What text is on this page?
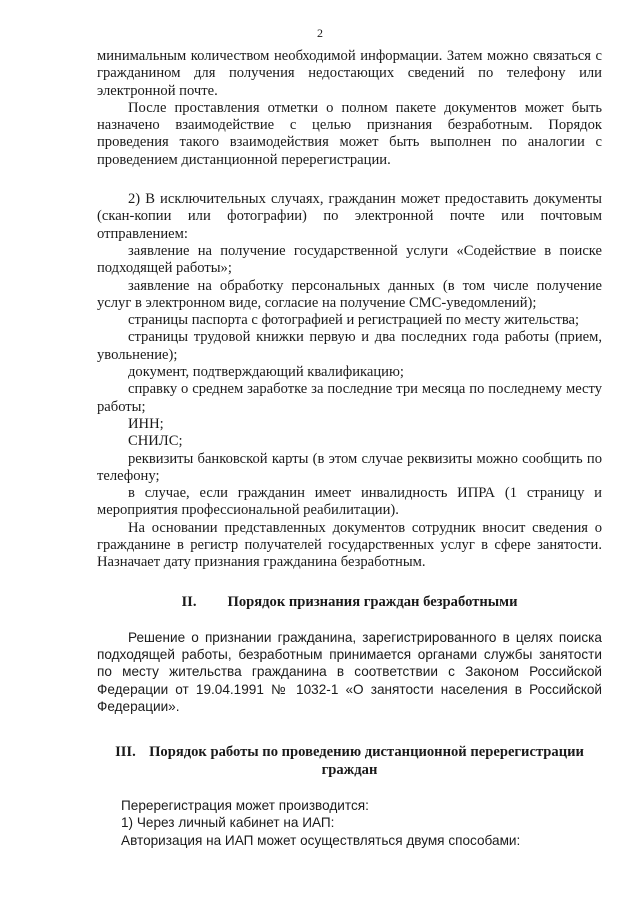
2

минимальным количеством необходимой информации. Затем можно связаться с гражданином для получения недостающих сведений по телефону или электронной почте.

После проставления отметки о полном пакете документов может быть назначено взаимодействие с целью признания безработным. Порядок проведения такого взаимодействия может быть выполнен по аналогии с проведением дистанционной перерегистрации.

2) В исключительных случаях, гражданин может предоставить документы (скан-копии или фотографии) по электронной почте или почтовым отправлением:

заявление на получение государственной услуги «Содействие в поиске подходящей работы»;

заявление на обработку персональных данных (в том числе получение услуг в электронном виде, согласие на получение СМС-уведомлений);

страницы паспорта с фотографией и регистрацией по месту жительства;

страницы трудовой книжки первую и два последних года работы (прием, увольнение);

документ, подтверждающий квалификацию;

справку о среднем заработке за последние три месяца по последнему месту работы;

ИНН;

СНИЛС;

реквизиты банковской карты (в этом случае реквизиты можно сообщить по телефону;

в случае, если гражданин имеет инвалидность ИПРА (1 страницу и мероприятия профессиональной реабилитации).

На основании представленных документов сотрудник вносит сведения о гражданине в регистр получателей государственных услуг в сфере занятости. Назначает дату признания гражданина безработным.

II. Порядок признания граждан безработными

Решение о признании гражданина, зарегистрированного в целях поиска подходящей работы, безработным принимается органами службы занятости по месту жительства гражданина в соответствии с Законом Российской Федерации от 19.04.1991 № 1032-1 «О занятости населения в Российской Федерации».

III. Порядок работы по проведению дистанционной перерегистрации граждан

Перерегистрация может производится:

1) Через личный кабинет на ИАП:

Авторизация на ИАП может осуществляться двумя способами:
